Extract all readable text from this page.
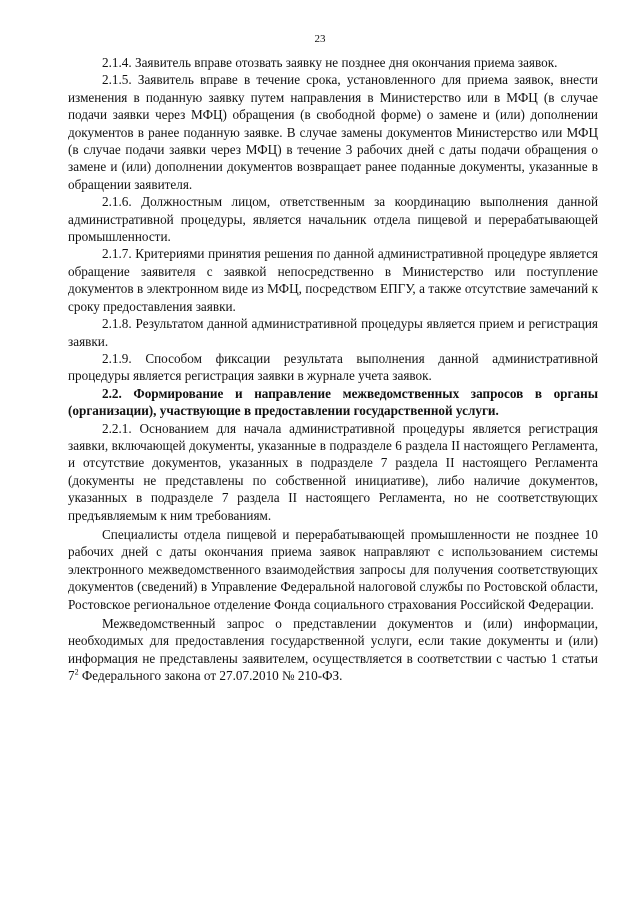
23

2.1.4. Заявитель вправе отозвать заявку не позднее дня окончания приема заявок.

2.1.5. Заявитель вправе в течение срока, установленного для приема заявок, внести изменения в поданную заявку путем направления в Министерство или в МФЦ (в случае подачи заявки через МФЦ) обращения (в свободной форме) о замене и (или) дополнении документов в ранее поданную заявке. В случае замены документов Министерство или МФЦ (в случае подачи заявки через МФЦ) в течение 3 рабочих дней с даты подачи обращения о замене и (или) дополнении документов возвращает ранее поданные документы, указанные в обращении заявителя.

2.1.6. Должностным лицом, ответственным за координацию выполнения данной административной процедуры, является начальник отдела пищевой и перерабатывающей промышленности.

2.1.7. Критериями принятия решения по данной административной процедуре является обращение заявителя с заявкой непосредственно в Министерство или поступление документов в электронном виде из МФЦ, посредством ЕПГУ, а также отсутствие замечаний к сроку предоставления заявки.

2.1.8. Результатом данной административной процедуры является прием и регистрация заявки.

2.1.9. Способом фиксации результата выполнения данной административной процедуры является регистрация заявки в журнале учета заявок.

2.2. Формирование и направление межведомственных запросов в органы (организации), участвующие в предоставлении государственной услуги.

2.2.1. Основанием для начала административной процедуры является регистрация заявки, включающей документы, указанные в подразделе 6 раздела II настоящего Регламента, и отсутствие документов, указанных в подразделе 7 раздела II настоящего Регламента (документы не представлены по собственной инициативе), либо наличие документов, указанных в подразделе 7 раздела II настоящего Регламента, но не соответствующих предъявляемым к ним требованиям.

Специалисты отдела пищевой и перерабатывающей промышленности не позднее 10 рабочих дней с даты окончания приема заявок направляют с использованием системы электронного межведомственного взаимодействия запросы для получения соответствующих документов (сведений) в Управление Федеральной налоговой службы по Ростовской области, Ростовское региональное отделение Фонда социального страхования Российской Федерации.

Межведомственный запрос о представлении документов и (или) информации, необходимых для предоставления государственной услуги, если такие документы и (или) информация не представлены заявителем, осуществляется в соответствии с частью 1 статьи $7^2$ Федерального закона от 27.07.2010 № 210-ФЗ.
